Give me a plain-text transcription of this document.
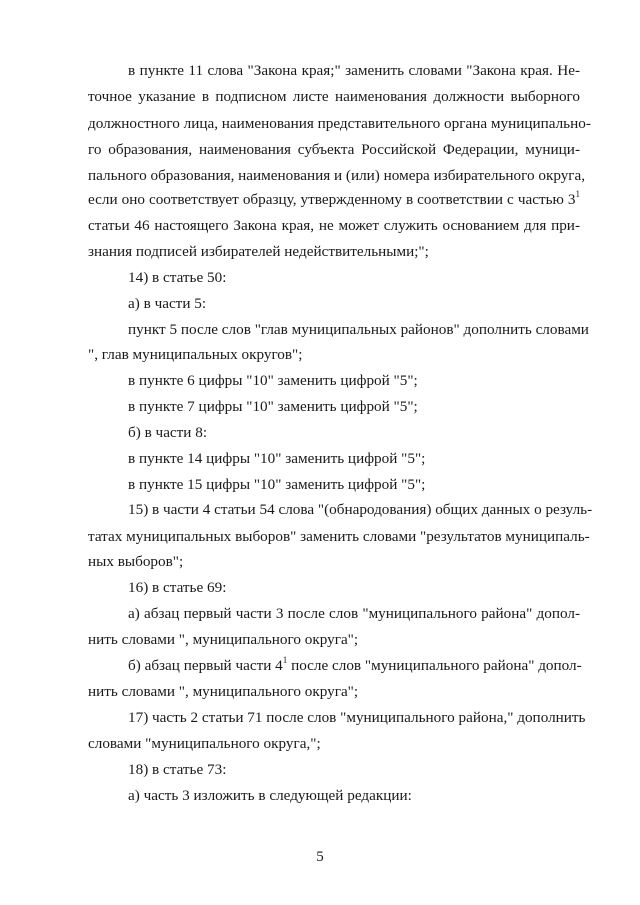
в пункте 11 слова "Закона края;" заменить словами "Закона края. Не-
точное указание в подписном листе наименования должности выборного
должностного лица, наименования представительного органа муниципально-
го образования, наименования субъекта Российской Федерации, муници-
пального образования, наименования и (или) номера избирательного округа,
если оно соответствует образцу, утвержденному в соответствии с частью $3^1$
статьи 46 настоящего Закона края, не может служить основанием для при-
знания подписей избирателей недействительными;";
14) в статье 50:
а) в части 5:
пункт 5 после слов "глав муниципальных районов" дополнить словами
", глав муниципальных округов";
в пункте 6 цифры "10" заменить цифрой "5";
в пункте 7 цифры "10" заменить цифрой "5";
б) в части 8:
в пункте 14 цифры "10" заменить цифрой "5";
в пункте 15 цифры "10" заменить цифрой "5";
15) в части 4 статьи 54 слова "(обнародования) общих данных о резуль-
татах муниципальных выборов" заменить словами "результатов муниципаль-
ных выборов";
16) в статье 69:
а) абзац первый части 3 после слов "муниципального района" допол-
нить словами ", муниципального округа";
б) абзац первый части $4^1$ после слов "муниципального района" допол-
нить словами ", муниципального округа";
17) часть 2 статьи 71 после слов "муниципального района," дополнить
словами "муниципального округа,";
18) в статье 73:
а) часть 3 изложить в следующей редакции:
5
